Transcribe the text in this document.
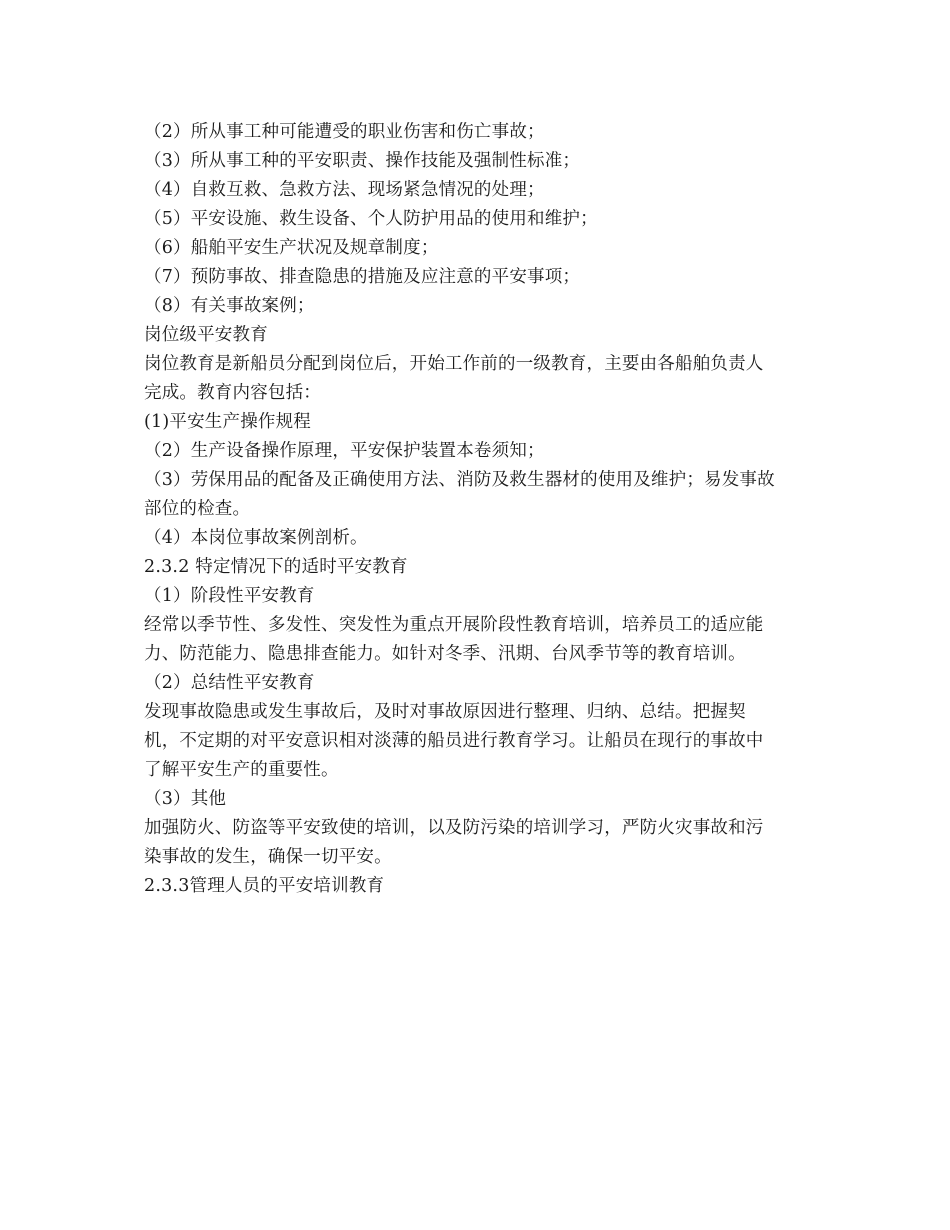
（2）所从事工种可能遭受的职业伤害和伤亡事故；
（3）所从事工种的平安职责、操作技能及强制性标准；
（4）自救互救、急救方法、现场紧急情况的处理；
（5）平安设施、救生设备、个人防护用品的使用和维护；
（6）船舶平安生产状况及规章制度；
（7）预防事故、排查隐患的措施及应注意的平安事项；
（8）有关事故案例；
岗位级平安教育
岗位教育是新船员分配到岗位后，开始工作前的一级教育，主要由各船舶负责人
完成。教育内容包括：
(1)平安生产操作规程
（2）生产设备操作原理，平安保护装置本卷须知；
（3）劳保用品的配备及正确使用方法、消防及救生器材的使用及维护；易发事故
部位的检查。
（4）本岗位事故案例剖析。
2.3.2 特定情况下的适时平安教育
（1）阶段性平安教育
经常以季节性、多发性、突发性为重点开展阶段性教育培训，培养员工的适应能
力、防范能力、隐患排查能力。如针对冬季、汛期、台风季节等的教育培训。
（2）总结性平安教育
发现事故隐患或发生事故后，及时对事故原因进行整理、归纳、总结。把握契
机，不定期的对平安意识相对淡薄的船员进行教育学习。让船员在现行的事故中
了解平安生产的重要性。
（3）其他
加强防火、防盗等平安致使的培训，以及防污染的培训学习，严防火灾事故和污
染事故的发生，确保一切平安。
2.3.3管理人员的平安培训教育
